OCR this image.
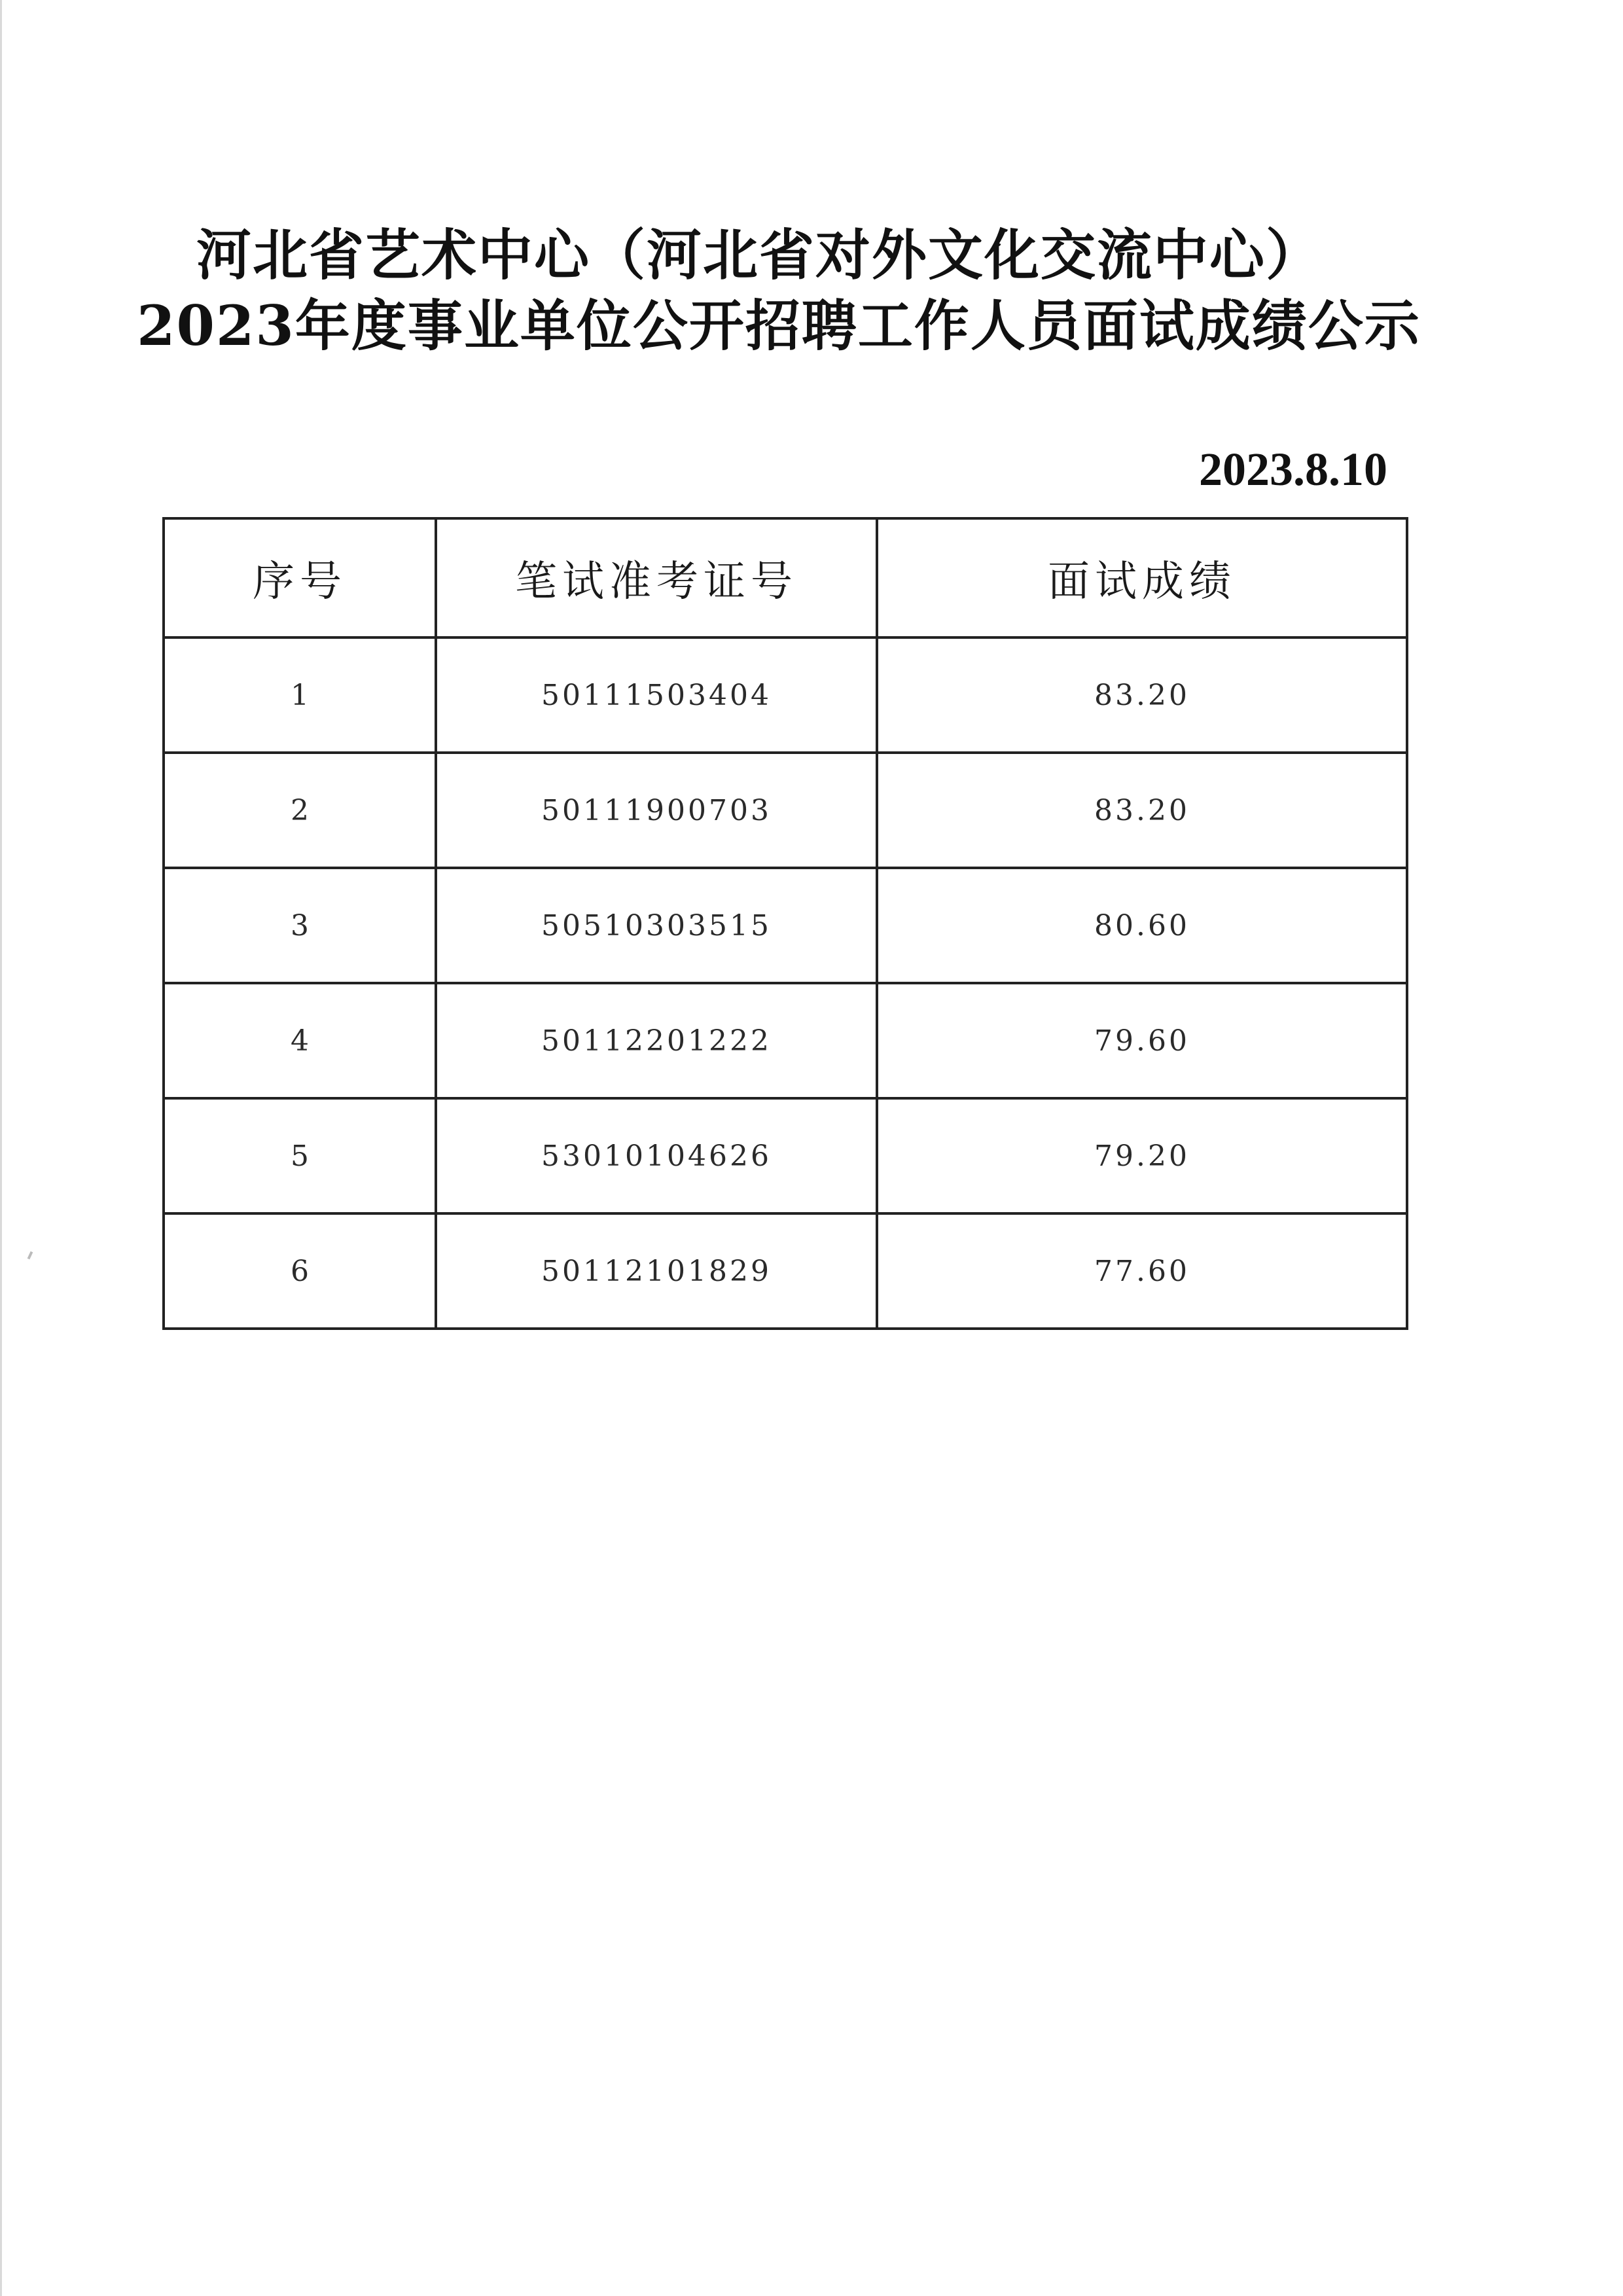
河北省艺术中心（河北省对外文化交流中心）
2023年度事业单位公开招聘工作人员面试成绩公示
2023.8.10
序号	笔试准考证号	面试成绩
1	50111503404	83.20
2	50111900703	83.20
3	50510303515	80.60
4	50112201222	79.60
5	53010104626	79.20
6	50112101829	77.60
